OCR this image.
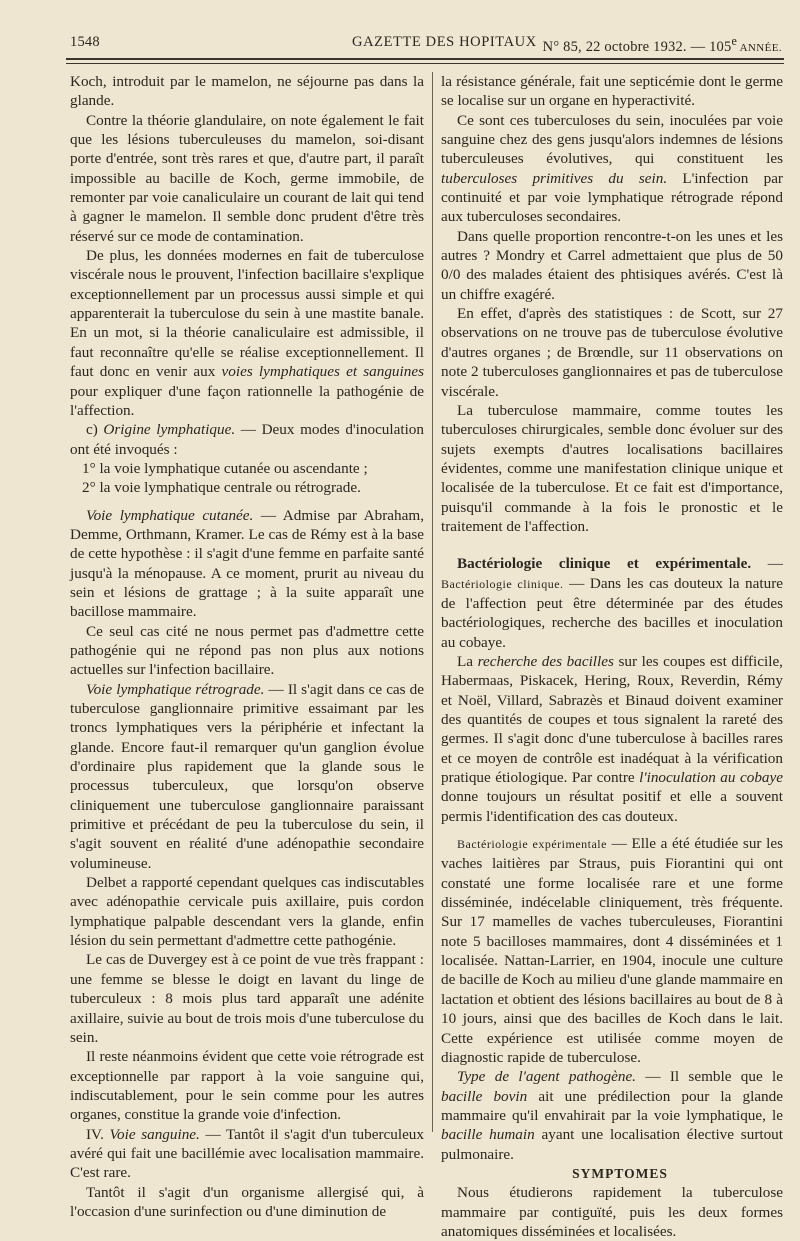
1548	GAZETTE DES HOPITAUX N° 85, 22 octobre 1932. — 105e ANNÉE.

Koch, introduit par le mamelon, ne séjourne pas dans la glande.

Contre la théorie glandulaire, on note également le fait que les lésions tuberculeuses du mamelon, soi-disant porte d'entrée, sont très rares et que, d'autre part, il paraît impossible au bacille de Koch, germe immobile, de remonter par voie canaliculaire un courant de lait qui tend à gagner le mamelon. Il semble donc prudent d'être très réservé sur ce mode de contamination.

De plus, les données modernes en fait de tuberculose viscérale nous le prouvent, l'infection bacillaire s'explique exceptionnellement par un processus aussi simple et qui apparenterait la tuberculose du sein à une mastite banale. En un mot, si la théorie canaliculaire est admissible, il faut reconnaître qu'elle se réalise exceptionnellement. Il faut donc en venir aux voies lymphatiques et sanguines pour expliquer d'une façon rationnelle la pathogénie de l'affection.

c) Origine lymphatique. — Deux modes d'inoculation ont été invoqués :

1° la voie lymphatique cutanée ou ascendante ;

2° la voie lymphatique centrale ou rétrograde.

Voie lymphatique cutanée. — Admise par Abraham, Demme, Orthmann, Kramer. Le cas de Rémy est à la base de cette hypothèse : il s'agit d'une femme en parfaite santé jusqu'à la ménopause. A ce moment, prurit au niveau du sein et lésions de grattage ; à la suite apparaît une bacillose mammaire.

Ce seul cas cité ne nous permet pas d'admettre cette pathogénie qui ne répond pas non plus aux notions actuelles sur l'infection bacillaire.

Voie lymphatique rétrograde. — Il s'agit dans ce cas de tuberculose ganglionnaire primitive essaimant par les troncs lymphatiques vers la périphérie et infectant la glande. Encore faut-il remarquer qu'un ganglion évolue d'ordinaire plus rapidement que la glande sous le processus tuberculeux, que lorsqu'on observe cliniquement une tuberculose ganglionnaire paraissant primitive et précédant de peu la tuberculose du sein, il s'agit souvent en réalité d'une adénopathie secondaire volumineuse.

Delbet a rapporté cependant quelques cas indiscutables avec adénopathie cervicale puis axillaire, puis cordon lymphatique palpable descendant vers la glande, enfin lésion du sein permettant d'admettre cette pathogénie.

Le cas de Duvergey est à ce point de vue très frappant : une femme se blesse le doigt en lavant du linge de tuberculeux : 8 mois plus tard apparaît une adénite axillaire, suivie au bout de trois mois d'une tuberculose du sein.

Il reste néanmoins évident que cette voie rétrograde est exceptionnelle par rapport à la voie sanguine qui, indiscutablement, pour le sein comme pour les autres organes, constitue la grande voie d'infection.

IV. Voie sanguine. — Tantôt il s'agit d'un tuberculeux avéré qui fait une bacillémie avec localisation mammaire. C'est rare.

Tantôt il s'agit d'un organisme allergisé qui, à l'occasion d'une surinfection ou d'une diminution de

la résistance générale, fait une septicémie dont le germe se localise sur un organe en hyperactivité.

Ce sont ces tuberculoses du sein, inoculées par voie sanguine chez des gens jusqu'alors indemnes de lésions tuberculeuses évolutives, qui constituent les tuberculoses primitives du sein. L'infection par continuité et par voie lymphatique rétrograde répond aux tuberculoses secondaires.

Dans quelle proportion rencontre-t-on les unes et les autres ? Mondry et Carrel admettaient que plus de 50 0/0 des malades étaient des phtisiques avérés. C'est là un chiffre exagéré.

En effet, d'après des statistiques : de Scott, sur 27 observations on ne trouve pas de tuberculose évolutive d'autres organes ; de Brœndle, sur 11 observations on note 2 tuberculoses ganglionnaires et pas de tuberculose viscérale.

La tuberculose mammaire, comme toutes les tuberculoses chirurgicales, semble donc évoluer sur des sujets exempts d'autres localisations bacillaires évidentes, comme une manifestation clinique unique et localisée de la tuberculose. Et ce fait est d'importance, puisqu'il commande à la fois le pronostic et le traitement de l'affection.

Bactériologie clinique et expérimentale. — Bactériologie clinique. — Dans les cas douteux la nature de l'affection peut être déterminée par des études bactériologiques, recherche des bacilles et inoculation au cobaye.

La recherche des bacilles sur les coupes est difficile, Habermaas, Piskacek, Hering, Roux, Reverdin, Rémy et Noël, Villard, Sabrazès et Binaud doivent examiner des quantités de coupes et tous signalent la rareté des germes. Il s'agit donc d'une tuberculose à bacilles rares et ce moyen de contrôle est inadéquat à la vérification pratique étiologique. Par contre l'inoculation au cobaye donne toujours un résultat positif et elle a souvent permis l'identification des cas douteux.

Bactériologie expérimentale — Elle a été étudiée sur les vaches laitières par Straus, puis Fiorantini qui ont constaté une forme localisée rare et une forme disséminée, indécelable cliniquement, très fréquente. Sur 17 mamelles de vaches tuberculeuses, Fiorantini note 5 bacilloses mammaires, dont 4 disséminées et 1 localisée. Nattan-Larrier, en 1904, inocule une culture de bacille de Koch au milieu d'une glande mammaire en lactation et obtient des lésions bacillaires au bout de 8 à 10 jours, ainsi que des bacilles de Koch dans le lait. Cette expérience est utilisée comme moyen de diagnostic rapide de tuberculose.

Type de l'agent pathogène. — Il semble que le bacille bovin ait une prédilection pour la glande mammaire qu'il envahirait par la voie lymphatique, le bacille humain ayant une localisation élective surtout pulmonaire.

SYMPTOMES

Nous étudierons rapidement la tuberculose mammaire par contiguïté, puis les deux formes anatomiques disséminées et localisées.
